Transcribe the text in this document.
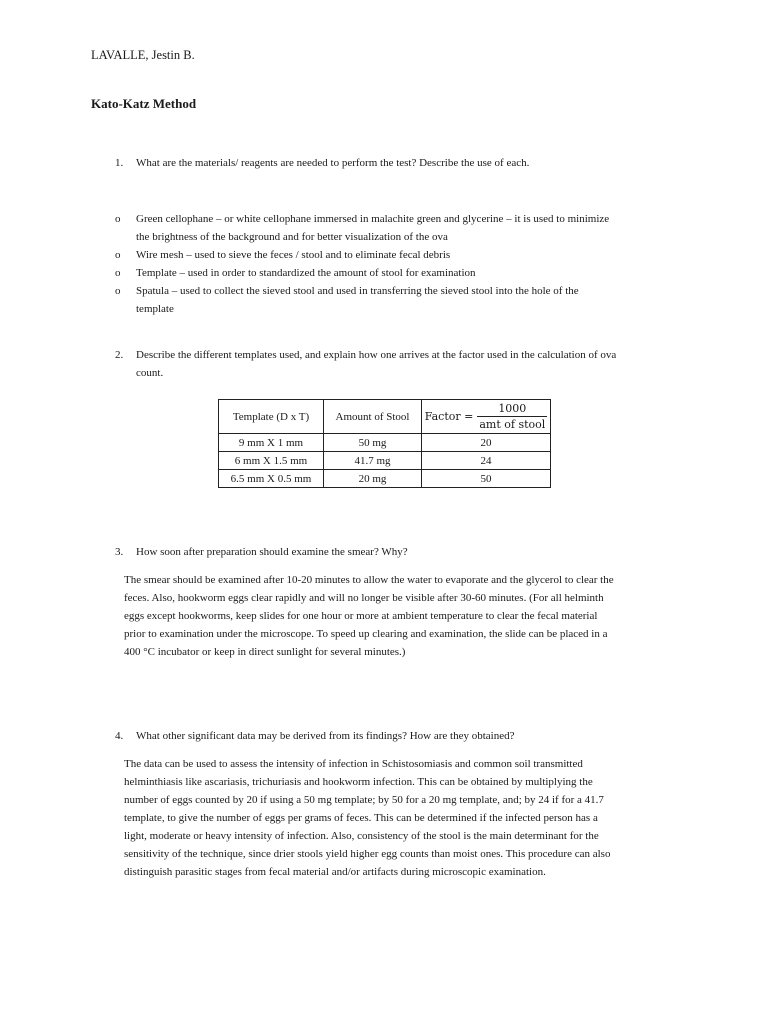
LAVALLE, Jestin B.
Kato-Katz Method
1. What are the materials/ reagents are needed to perform the test? Describe the use of each.
o	Green cellophane – or white cellophane immersed in malachite green and glycerine – it is used to minimize
the brightness of the background and for better visualization of the ova
o	Wire mesh – used to sieve the feces / stool and to eliminate fecal debris
o	Template – used in order to standardized the amount of stool for examination
o	Spatula – used to collect the sieved stool and used in transferring the sieved stool into the hole of the
template
2. Describe the different templates used, and explain how one arrives at the factor used in the calculation of ova
count.
Template (D x T)	Amount of Stool	Factor = $\frac{1000}{\text{amt of stool}}$

9 mm X 1 mm	50 mg	20
6 mm X 1.5 mm	41.7 mg	24
6.5 mm X 0.5 mm	20 mg	50
3. How soon after preparation should examine the smear? Why?
The smear should be examined after 10-20 minutes to allow the water to evaporate and the glycerol to clear the
feces. Also, hookworm eggs clear rapidly and will no longer be visible after 30-60 minutes. (For all helminth
eggs except hookworms, keep slides for one hour or more at ambient temperature to clear the fecal material
prior to examination under the microscope. To speed up clearing and examination, the slide can be placed in a
400 °C incubator or keep in direct sunlight for several minutes.)
4. What other significant data may be derived from its findings? How are they obtained?
The data can be used to assess the intensity of infection in Schistosomiasis and common soil transmitted
helminthiasis like ascariasis, trichuriasis and hookworm infection. This can be obtained by multiplying the
number of eggs counted by 20 if using a 50 mg template; by 50 for a 20 mg template, and; by 24 if for a 41.7
template, to give the number of eggs per grams of feces. This can be determined if the infected person has a
light, moderate or heavy intensity of infection. Also, consistency of the stool is the main determinant for the
sensitivity of the technique, since drier stools yield higher egg counts than moist ones. This procedure can also
distinguish parasitic stages from fecal material and/or artifacts during microscopic examination.
